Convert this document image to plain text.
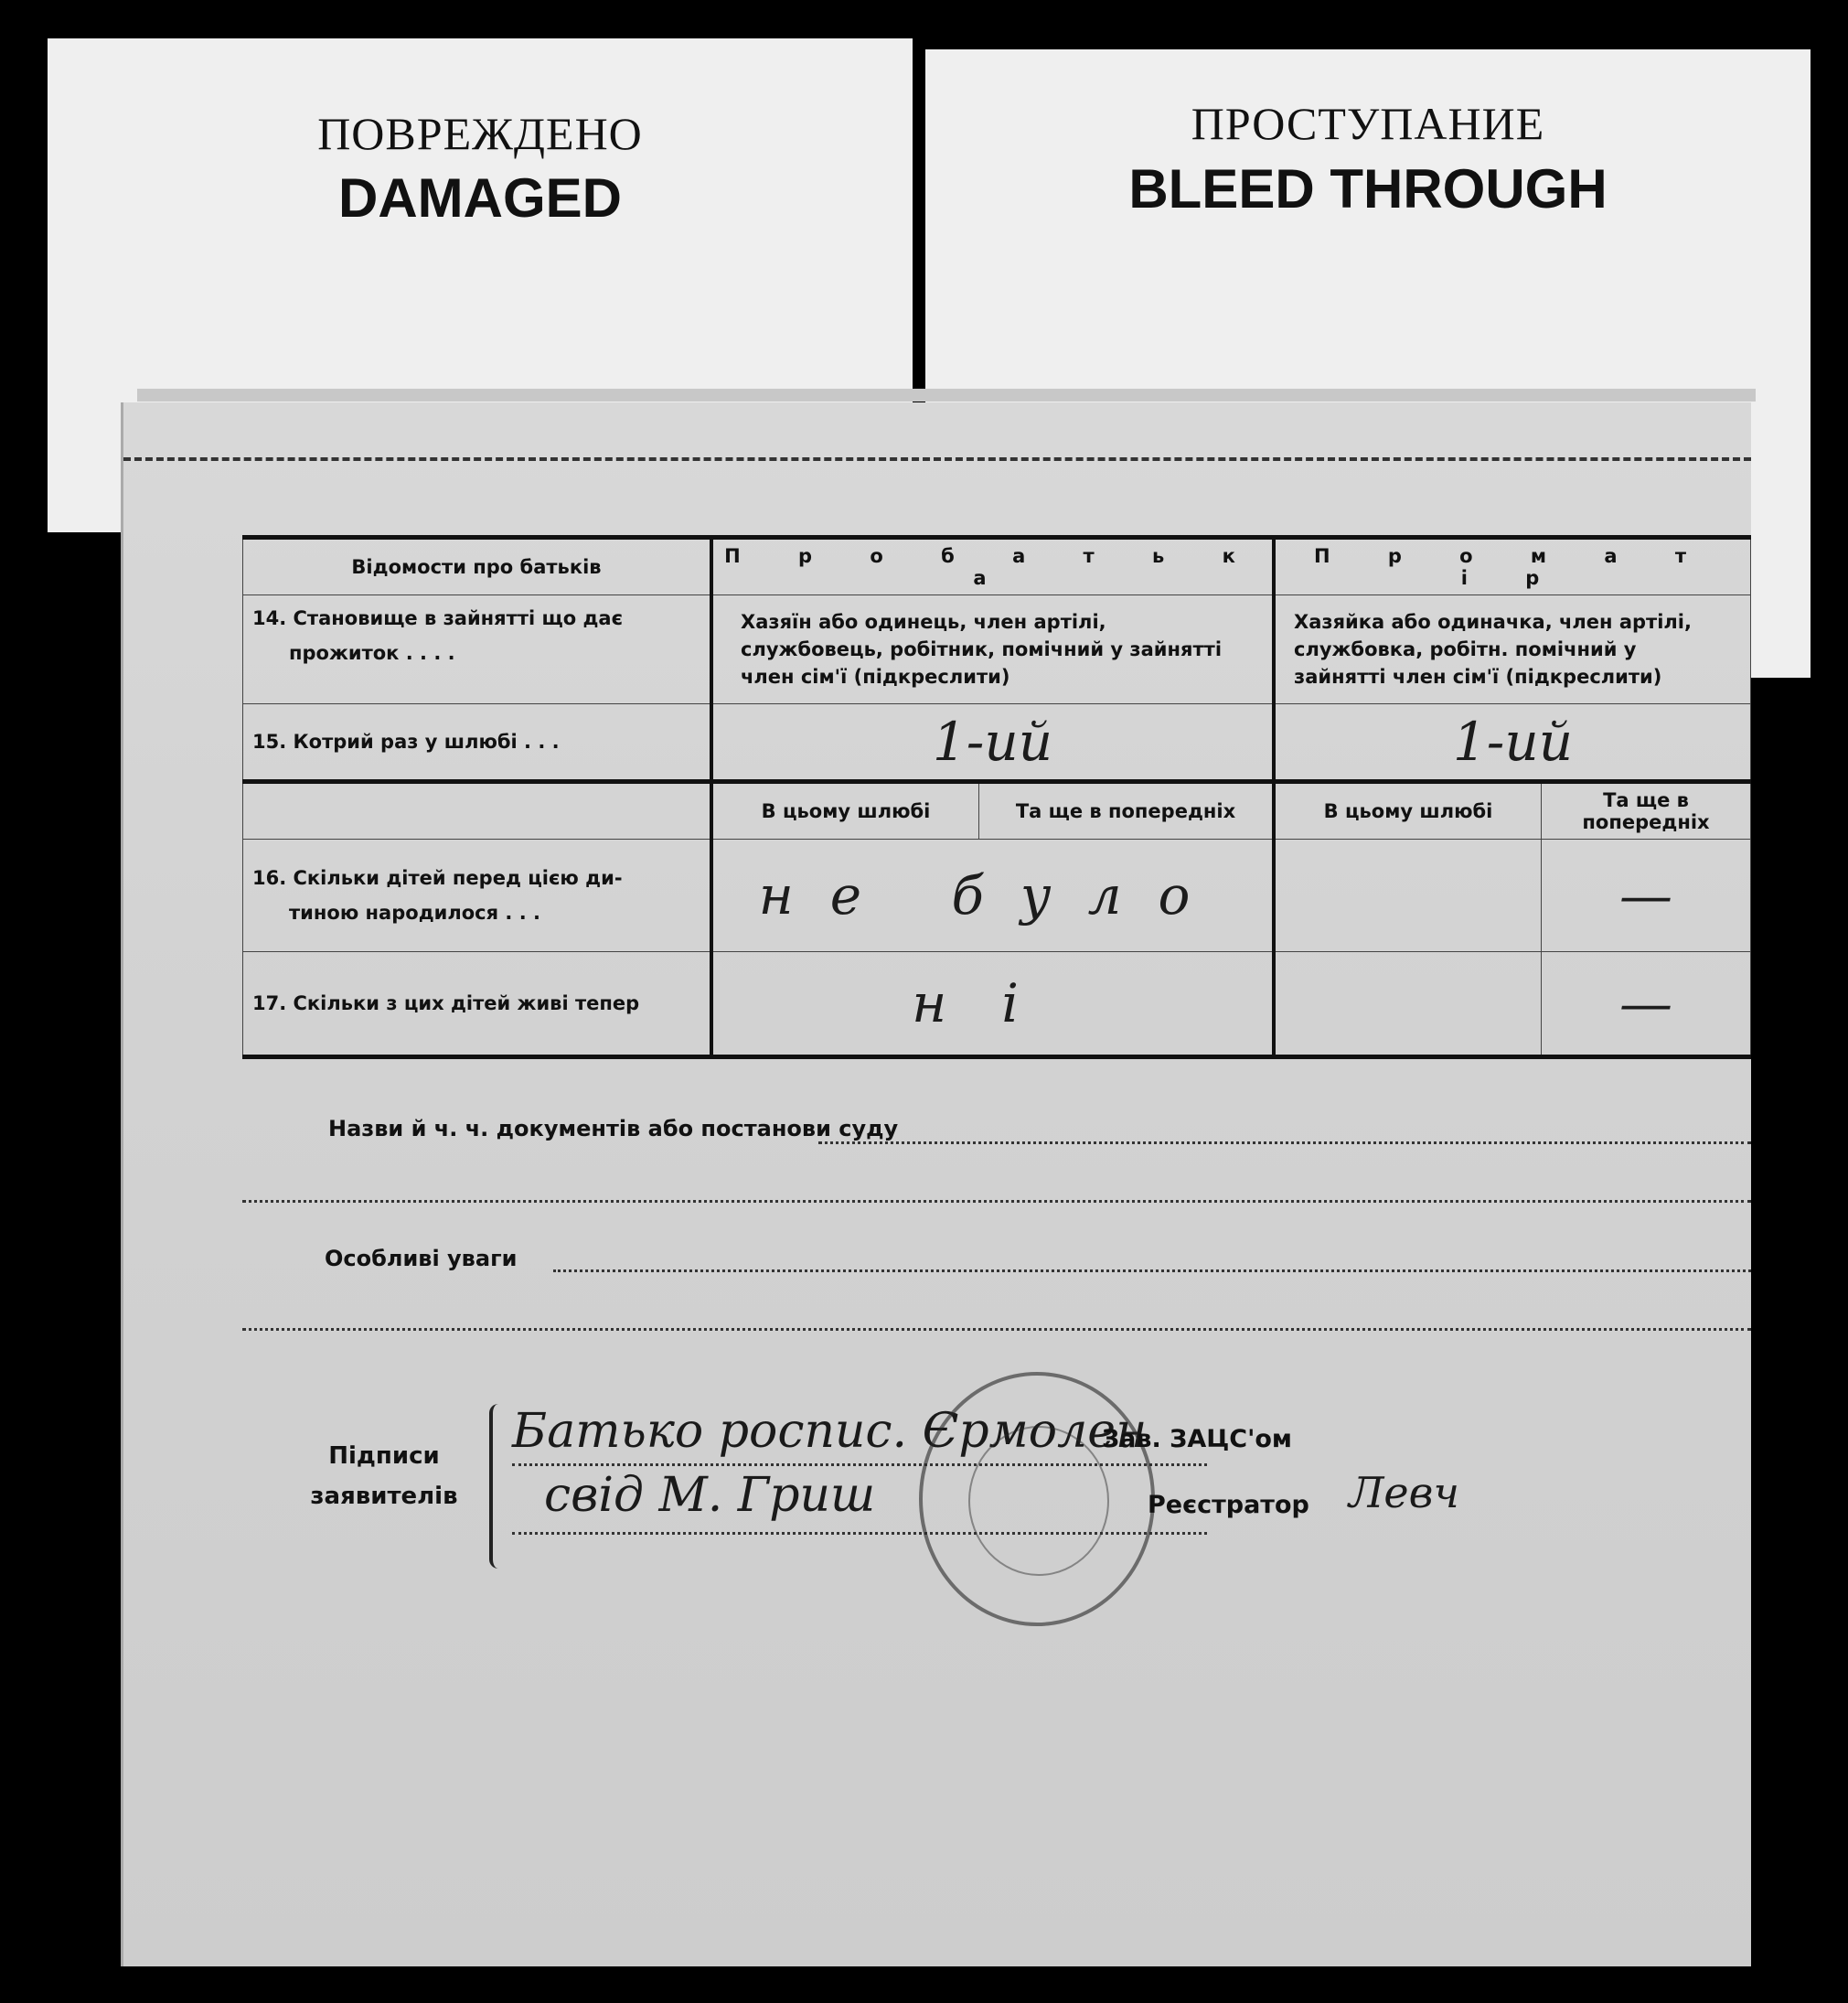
ПОВРЕЖДЕНО
DAMAGED
ПРОСТУПАНИЕ
BLEED THROUGH
Відомости про батьків	П р о б а т ь к а		П р о м а т і р	

14. Становище в зайнятті що дає
прожиток . . . .	Хазяїн або одинець, член артілі, службовець, робітник, помічний у зайнятті член сім'ї (підкреслити)		Хазяйка або одиначка, член артілі, службовка, робітн. помічний у зайнятті член сім'ї (підкреслити)	
15. Котрий раз у шлюбі . . .	1-ий		1-ий	
	В цьому шлюбі	Та ще в попередніх	В цьому шлюбі	Та ще в попередніх

16. Скільки дітей перед цією ди-
тиною народилося . . .	не було			—
17. Скільки з цих дітей живі тепер	ні			—
Назви й ч. ч. документів або постанови суду
Особливі уваги
Підписи
заявителів
Батько роспис. Єрмолен
свід М. Гриш
Зав. ЗАЦС'ом
Реєстратор Левч
